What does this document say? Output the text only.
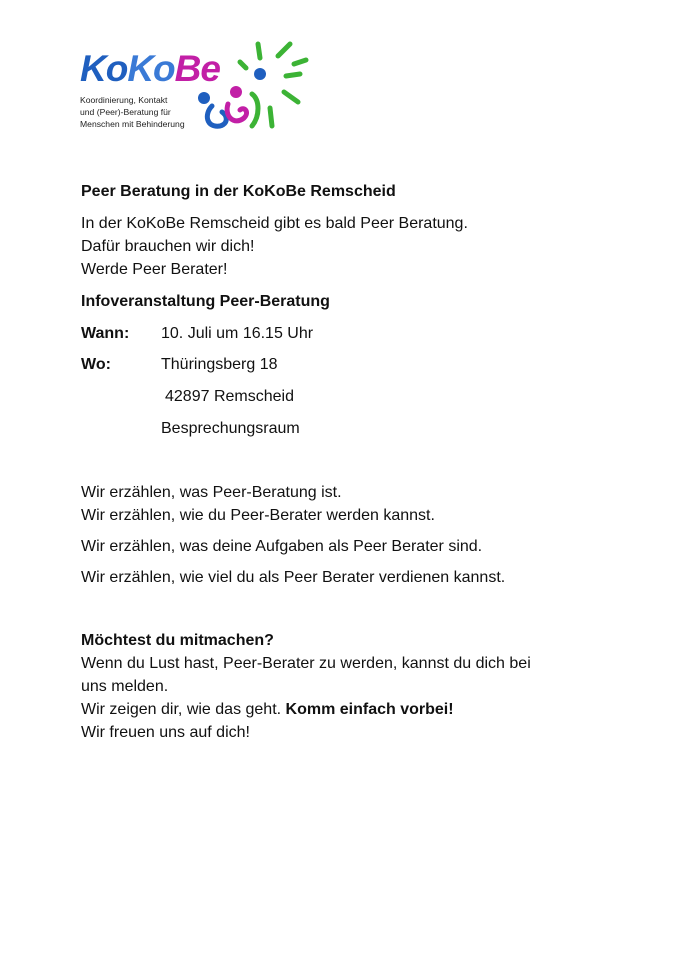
KoKoBe
Koordinierung, Kontakt
und (Peer)-Beratung für
Menschen mit Behinderung
Peer Beratung in der KoKoBe Remscheid
In der KoKoBe Remscheid gibt es bald Peer Beratung.
Dafür brauchen wir dich!
Werde Peer Berater!
Infoveranstaltung Peer-Beratung
Wann: 10. Juli um 16.15 Uhr
Wo:	Thüringsberg 18
42897 Remscheid
Besprechungsraum
Wir erzählen, was Peer-Beratung ist.
Wir erzählen, wie du Peer-Berater werden kannst.
Wir erzählen, was deine Aufgaben als Peer Berater sind.
Wir erzählen, wie viel du als Peer Berater verdienen kannst.
Möchtest du mitmachen?
Wenn du Lust hast, Peer-Berater zu werden, kannst du dich bei
uns melden.
Wir zeigen dir, wie das geht. Komm einfach vorbei!
Wir freuen uns auf dich!
